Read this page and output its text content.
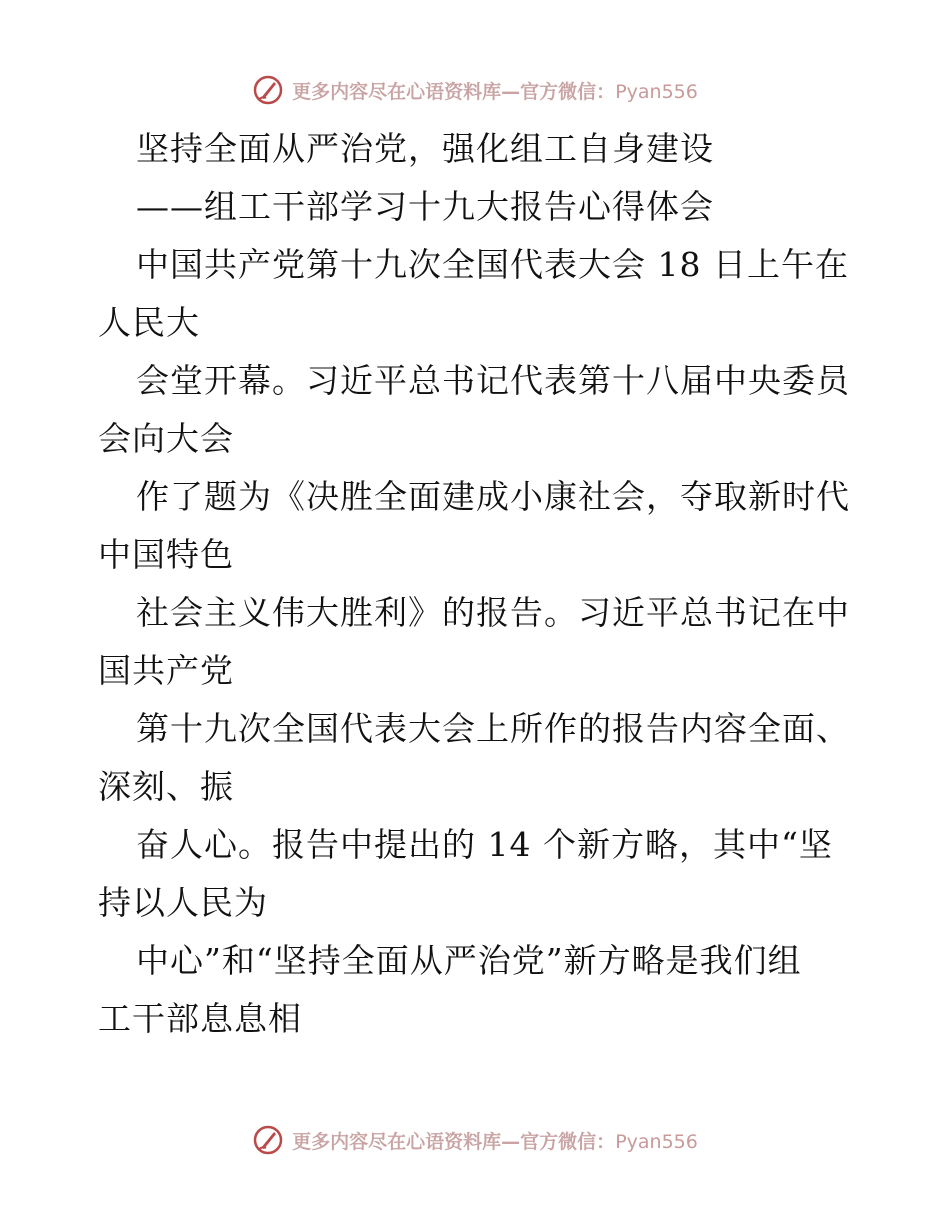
更多内容尽在心语资料库—官方微信：Pyan556
坚持全面从严治党，强化组工自身建设
——组工干部学习十九大报告心得体会
中国共产党第十九次全国代表大会 18 日上午在
人民大
会堂开幕。习近平总书记代表第十八届中央委员
会向大会
作了题为《决胜全面建成小康社会，夺取新时代
中国特色
社会主义伟大胜利》的报告。习近平总书记在中
国共产党
第十九次全国代表大会上所作的报告内容全面、
深刻、振
奋人心。报告中提出的 14 个新方略，其中“坚
持以人民为
中心”和“坚持全面从严治党”新方略是我们组
工干部息息相
更多内容尽在心语资料库—官方微信：Pyan556
